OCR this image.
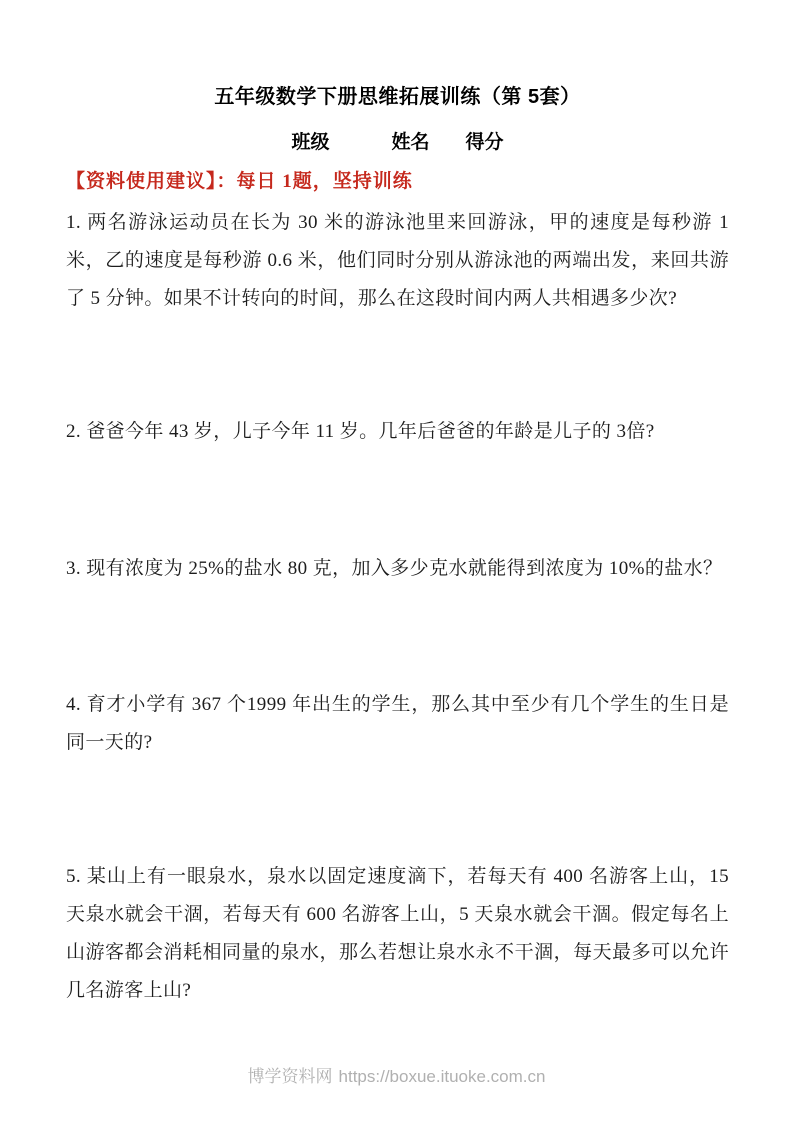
五年级数学下册思维拓展训练（第 5套）
班级	姓名 得分
【资料使用建议】：每日 1题，坚持训练

1. 两名游泳运动员在长为 30 米的游泳池里来回游泳，甲的速度是每秒游 1米，乙的速度是每秒游 0.6 米，他们同时分别从游泳池的两端出发，来回共游了 5 分钟。如果不计转向的时间，那么在这段时间内两人共相遇多少次?

2. 爸爸今年 43 岁，儿子今年 11 岁。几年后爸爸的年龄是儿子的 3倍?

3. 现有浓度为 25%的盐水 80 克，加入多少克水就能得到浓度为 10%的盐水？

4. 育才小学有 367 个1999 年出生的学生，那么其中至少有几个学生的生日是同一天的?

5. 某山上有一眼泉水，泉水以固定速度滴下，若每天有 400 名游客上山，15 天泉水就会干涸，若每天有 600 名游客上山，5 天泉水就会干涸。假定每名上山游客都会消耗相同量的泉水，那么若想让泉水永不干涸，每天最多可以允许几名游客上山?

博学资料网 https://boxue.ituoke.com.cn
